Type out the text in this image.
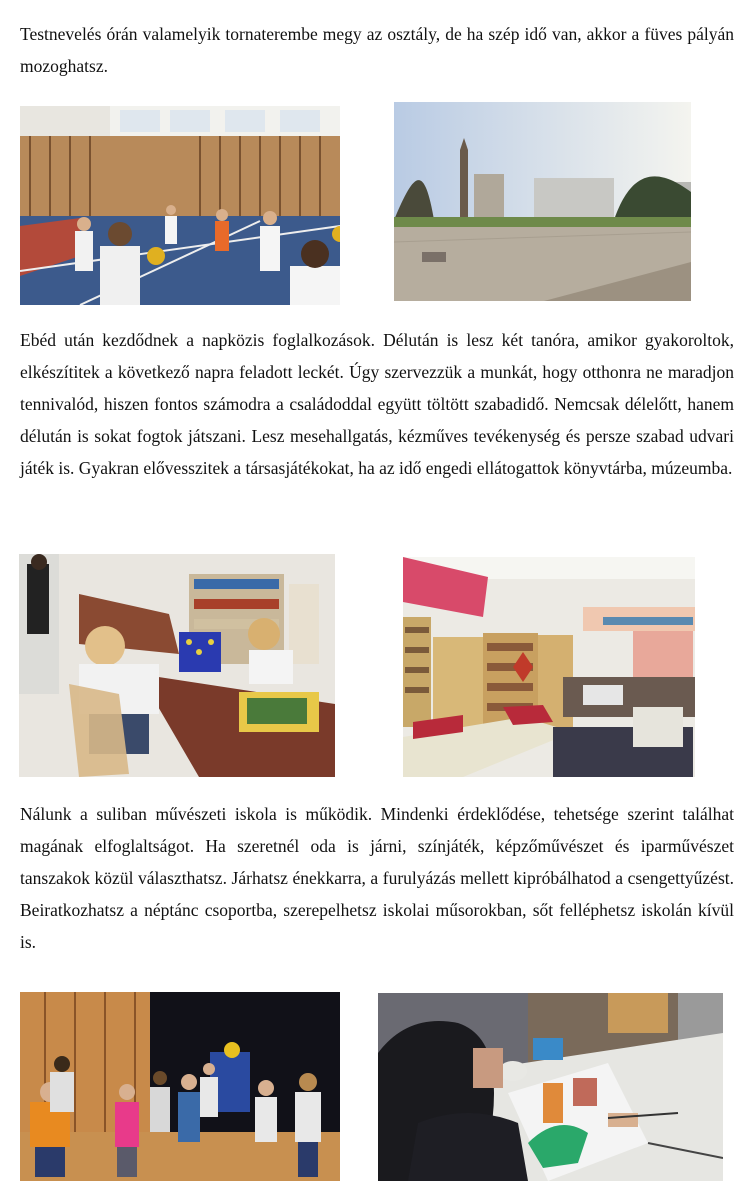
Testnevelés órán valamelyik tornaterembe megy az osztály, de ha szép idő van, akkor a füves pályán mozoghatsz.

Ebéd után kezdődnek a napközis foglalkozások. Délután is lesz két tanóra, amikor gyakoroltok, elkészítitek a következő napra feladott leckét. Úgy szervezzük a munkát, hogy otthonra ne maradjon tennivalód, hiszen fontos számodra a családoddal együtt töltött szabadidő. Nemcsak délelőtt, hanem délután is sokat fogtok játszani. Lesz mesehallgatás, kézműves tevékenység és persze szabad udvari játék is. Gyakran elővesszitek a társasjátékokat, ha az idő engedi ellátogattok könyvtárba, múzeumba.

Nálunk a suliban művészeti iskola is működik. Mindenki érdeklődése, tehetsége szerint találhat magának elfoglaltságot. Ha szeretnél oda is járni, színjáték, képzőművészet és iparművészet tanszakok közül választhatsz. Járhatsz énekkarra, a furulyázás mellett kipróbálhatod a csengettyűzést. Beiratkozhatsz a néptánc csoportba, szerepelhetsz iskolai műsorokban, sőt felléphetsz iskolán kívül is.
